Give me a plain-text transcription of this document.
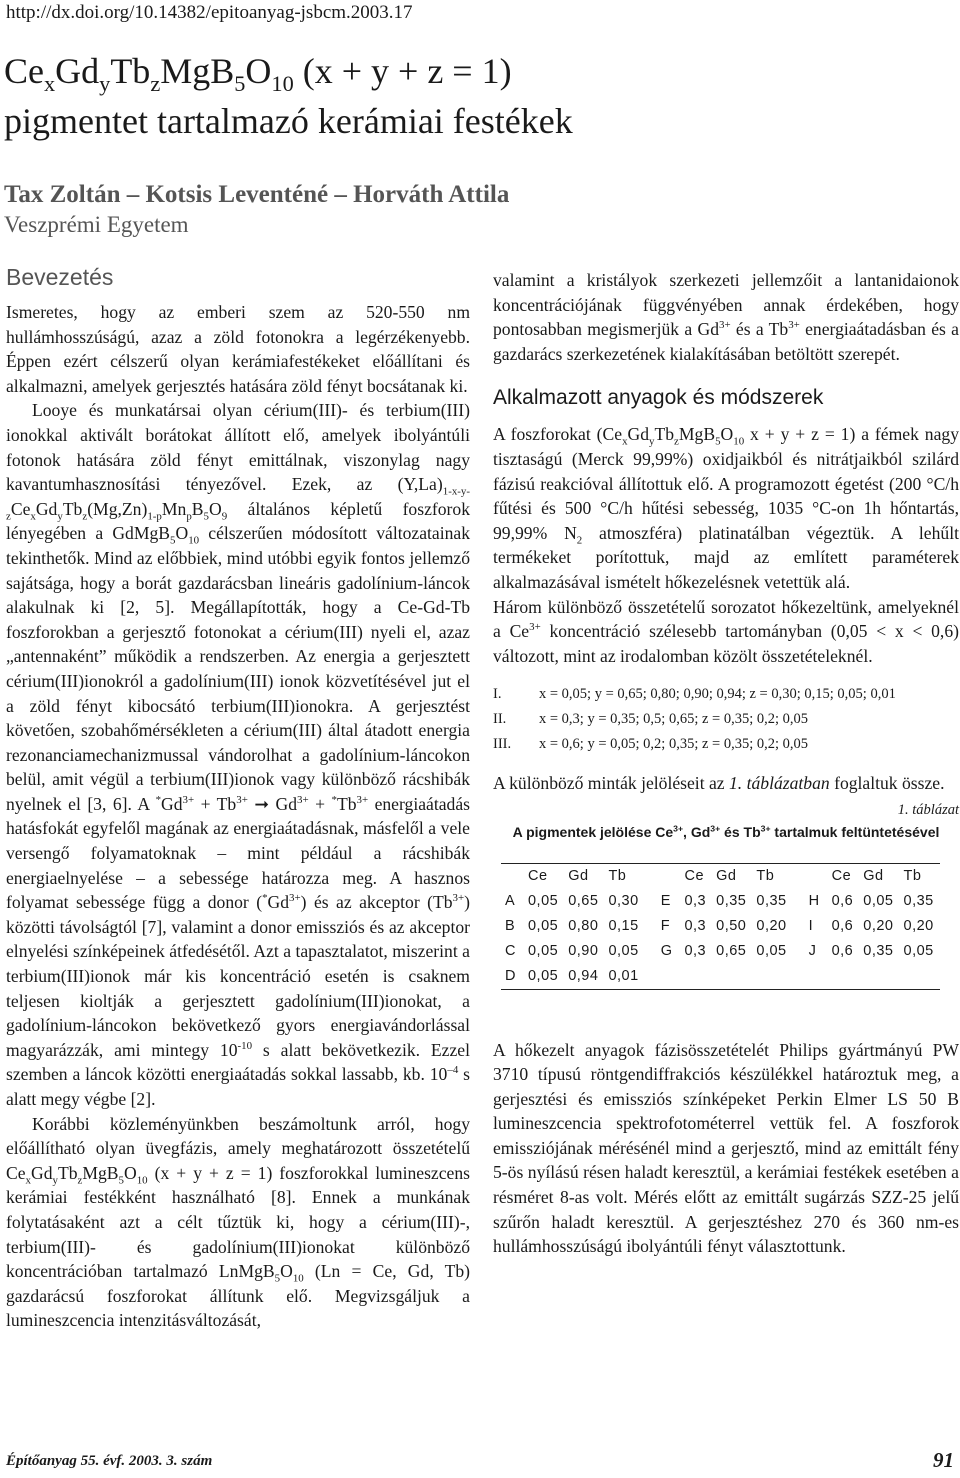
http://dx.doi.org/10.14382/epitoanyag-jsbcm.2003.17
$Ce_xGd_yTb_zMgB_5O_{10}$ (x + y + z = 1)
pigmentet tartalmazó kerámiai festékek
Tax Zoltán – Kotsis Leventéné – Horváth Attila
Veszprémi Egyetem
Bevezetés

Ismeretes, hogy az emberi szem az 520-550 nm hullámhosszúságú, azaz a zöld fotonokra a legérzékenyebb. Éppen ezért célszerű olyan kerámiafestékeket előállítani és alkalmazni, amelyek gerjesztés hatására zöld fényt bocsátanak ki.

Looye és munkatársai olyan cérium(III)- és terbium(III) ionokkal aktivált borátokat állított elő, amelyek ibolyántúli fotonok hatására zöld fényt emittálnak, viszonylag nagy kavantumhasznosítási tényezővel. Ezek, az $(Y,La)_{1-x-y-z}Ce_xGd_yTb_z(Mg,Zn)_{1-p}Mn_pB_5O_9$ általános képletű foszforok lényegében a $GdMgB_5O_{10}$ célszerűen módosított változatainak tekinthetők. Mind az előbbiek, mind utóbbi egyik fontos jellemző sajátsága, hogy a borát gazdarácsban lineáris gadolínium-láncok alakulnak ki [2, 5]. Megállapították, hogy a Ce-Gd-Tb foszforokban a gerjesztő fotonokat a cérium(III) nyeli el, azaz „antennaként” működik a rendszerben. Az energia a gerjesztett cérium(III)ionokról a gadolínium(III) ionok közvetítésével jut el a zöld fényt kibocsátó terbium(III)ionokra. A gerjesztést követően, szobahőmérsékleten a cérium(III) által átadott energia rezonanciamechanizmussal vándorolhat a gadolínium-láncokon belül, amit végül a terbium(III)ionok vagy különböző rácshibák nyelnek el [3, 6]. A $^*Gd^{3+} + Tb^{3+}$ ➞ $Gd^{3+} + ^*Tb^{3+}$ energiaátadás hatásfokát egyfelől magának az energiaátadásnak, másfelől a vele versengő folyamatoknak – mint például a rácshibák energiaelnyelése – a sebessége határozza meg. A hasznos folyamat sebessége függ a donor $(^*Gd^{3+})$ és az akceptor $(Tb^{3+})$ közötti távolságtól [7], valamint a donor emissziós és az akceptor elnyelési színképeinek átfedésétől. Azt a tapasztalatot, miszerint a terbium(III)ionok már kis koncentráció esetén is csaknem teljesen kioltják a gerjesztett gadolínium(III)ionokat, a gadolínium-láncokon bekövetkező gyors energiavándorlással magyarázzák, ami mintegy $10^{-10}$ s alatt bekövetkezik. Ezzel szemben a láncok közötti energiaátadás sokkal lassabb, kb. $10^{-4}$ s alatt megy végbe [2].

Korábbi közleményünkben beszámoltunk arról, hogy előállítható olyan üvegfázis, amely meghatározott összetételű $Ce_xGd_yTb_zMgB_5O_{10}$ (x + y + z = 1) foszforokkal lumineszcens kerámiai festékként használható [8]. Ennek a munkának folytatásaként azt a célt tűztük ki, hogy a cérium(III)-, terbium(III)- és gadolínium(III)ionokat különböző koncentrációban tartalmazó $LnMgB_5O_{10}$ (Ln = Ce, Gd, Tb) gazdarácsú foszforokat állítunk elő. Megvizsgáljuk a lumineszcencia intenzitásváltozását,

valamint a kristályok szerkezeti jellemzőit a lantanidaionok koncentrációjának függvényében annak érdekében, hogy pontosabban megismerjük a $Gd^{3+}$ és a $Tb^{3+}$ energiaátadásban és a gazdarács szerkezetének kialakításában betöltött szerepét.

Alkalmazott anyagok és módszerek

A foszforokat ($Ce_xGd_yTb_zMgB_5O_{10}$ x + y + z = 1) a fémek nagy tisztaságú (Merck 99,99%) oxidjaikból és nitrátjaikból szilárd fázisú reakcióval állítottuk elő. A programozott égetést (200 °C/h fűtési és 500 °C/h hűtési sebesség, 1035 °C-on 1h hőntartás, 99,99% $N_2$ atmoszféra) platinatálban végeztük. A lehűlt termékeket porítottuk, majd az említett paraméterek alkalmazásával ismételt hőkezelésnek vetettük alá.

Három különböző összetételű sorozatot hőkezeltünk, amelyeknél a $Ce^{3+}$ koncentráció szélesebb tartományban (0,05 < x < 0,6) változott, mint az irodalomban közölt összetételeknél.

I.	x = 0,05; y = 0,65; 0,80; 0,90; 0,94; z = 0,30; 0,15; 0,05; 0,01
II.	x = 0,3; y = 0,35; 0,5; 0,65; z = 0,35; 0,2; 0,05
III.	x = 0,6; y = 0,05; 0,2; 0,35; z = 0,35; 0,2; 0,05

A különböző minták jelöléseit az 1. táblázatban foglaltuk össze.

1. táblázat
A pigmentek jelölése $Ce^{3+}$, $Gd^{3+}$ és $Tb^{3+}$ tartalmuk feltüntetésével
	Ce	Gd	Tb		Ce	Gd	Tb		Ce	Gd	Tb
A	0,05	0,65	0,30	E	0,3	0,35	0,35	H	0,6	0,05	0,35
B	0,05	0,80	0,15	F	0,3	0,50	0,20	I	0,6	0,20	0,20
C	0,05	0,90	0,05	G	0,3	0,65	0,05	J	0,6	0,35	0,05
D	0,05	0,94	0,01								

A hőkezelt anyagok fázisösszetételét Philips gyártmányú PW 3710 típusú röntgendiffrakciós készülékkel határoztuk meg, a gerjesztési és emissziós színképeket Perkin Elmer LS 50 B lumineszcencia spektrofotométerrel vettük fel. A foszforok emissziójának mérésénél mind a gerjesztő, mind az emittált fény 5-ös nyílású résen haladt keresztül, a kerámiai festékek esetében a résméret 8-as volt. Mérés előtt az emittált sugárzás SZZ-25 jelű szűrőn haladt keresztül. A gerjesztéshez 270 és 360 nm-es hullámhosszúságú ibolyántúli fényt választottunk.

Építőanyag 55. évf. 2003. 3. szám	91
